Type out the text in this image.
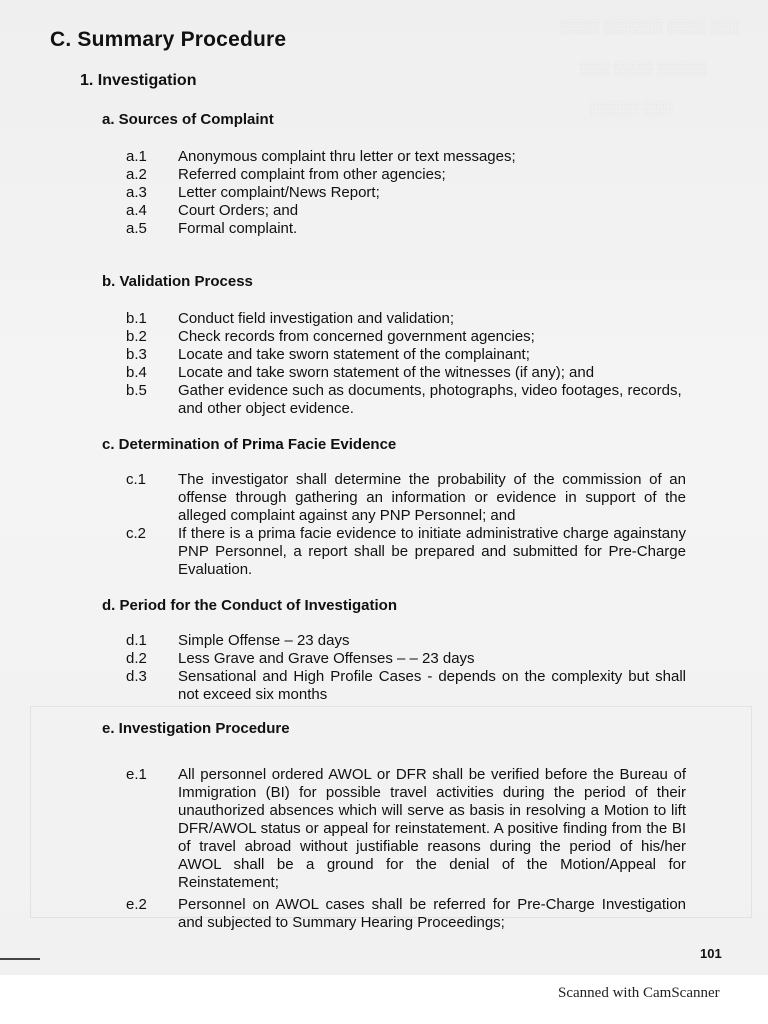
░░░ ░░░░ ░░░░░░ ░░░░
░░░░░ ░░░░ ░░░
░░░ ░░░░░
C. Summary Procedure
1. Investigation
a. Sources of Complaint
a.1	Anonymous complaint thru letter or text messages;
a.2	Referred complaint from other agencies;
a.3	Letter complaint/News Report;
a.4	Court Orders; and
a.5	Formal complaint.
b. Validation Process
b.1	Conduct field investigation and validation;
b.2	Check records from concerned government agencies;
b.3	Locate and take sworn statement of the complainant;
b.4	Locate and take sworn statement of the witnesses (if any); and
b.5	Gather evidence such as documents, photographs, video footages, records, and other object evidence.
c. Determination of Prima Facie Evidence
c.1	The investigator shall determine the probability of the commission of an offense through gathering an information or evidence in support of the alleged complaint against any PNP Personnel; and
c.2	If there is a prima facie evidence to initiate administrative charge againstany PNP Personnel, a report shall be prepared and submitted for Pre-Charge Evaluation.
d. Period for the Conduct of Investigation
d.1	Simple Offense – 23 days
d.2	Less Grave and Grave Offenses – – 23 days
d.3	Sensational and High Profile Cases - depends on the complexity but shall not exceed six months
e. Investigation Procedure
e.1	All personnel ordered AWOL or DFR shall be verified before the Bureau of Immigration (BI) for possible travel activities during the period of their unauthorized absences which will serve as basis in resolving a Motion to lift DFR/AWOL status or appeal for reinstatement. A positive finding from the BI of travel abroad without justifiable reasons during the period of his/her AWOL shall be a ground for the denial of the Motion/Appeal for Reinstatement;
e.2	Personnel on AWOL cases shall be referred for Pre-Charge Investigation and subjected to Summary Hearing Proceedings;
101
Scanned with CamScanner
